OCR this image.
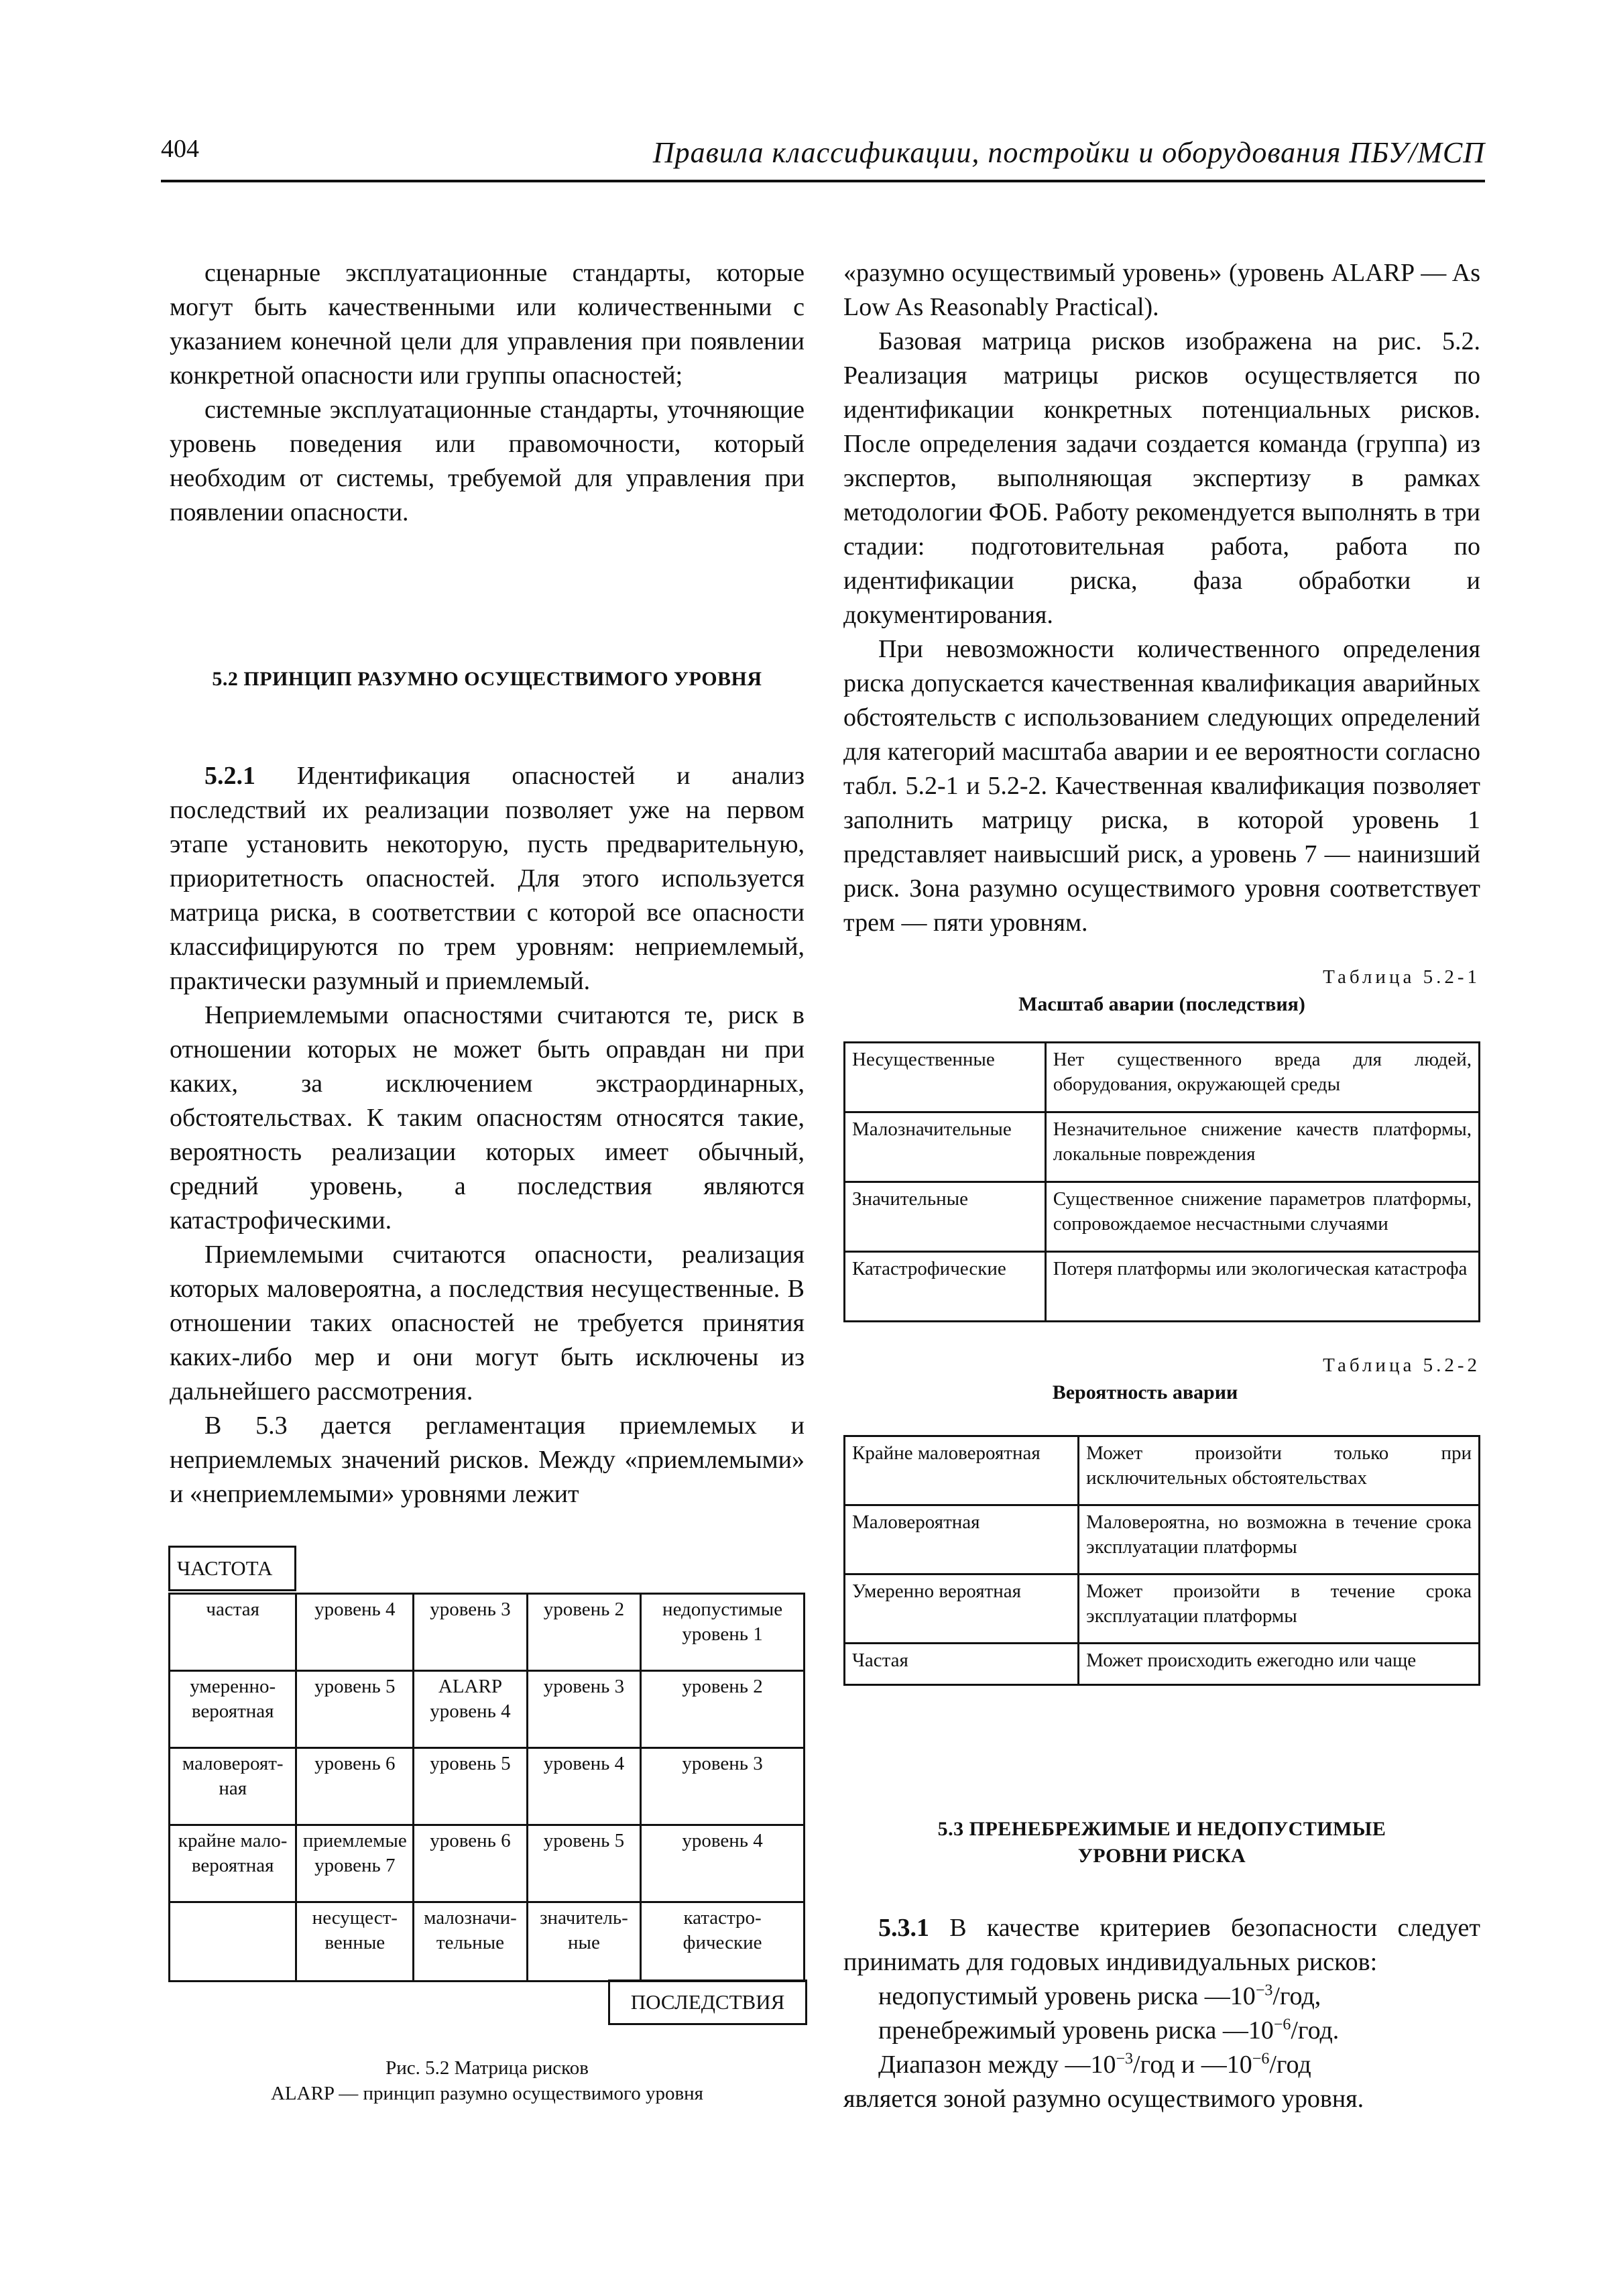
404	Правила классификации, постройки и оборудования ПБУ/МСП

сценарные эксплуатационные стандарты, которые могут быть качественными или количественными с указанием конечной цели для управления при появлении конкретной опасности или группы опасностей;

системные эксплуатационные стандарты, уточняющие уровень поведения или правомочности, который необходим от системы, требуемой для управления при появлении опасности.

5.2 ПРИНЦИП РАЗУМНО ОСУЩЕСТВИМОГО УРОВНЯ

5.2.1 Идентификация опасностей и анализ последствий их реализации позволяет уже на первом этапе установить некоторую, пусть предварительную, приоритетность опасностей. Для этого используется матрица риска, в соответствии с которой все опасности классифицируются по трем уровням: неприемлемый, практически разумный и приемлемый.

Неприемлемыми опасностями считаются те, риск в отношении которых не может быть оправдан ни при каких, за исключением экстраординарных, обстоятельствах. К таким опасностям относятся такие, вероятность реализации которых имеет обычный, средний уровень, а последствия являются катастрофическими.

Приемлемыми считаются опасности, реализация которых маловероятна, а последствия несущественные. В отношении таких опасностей не требуется принятия каких-либо мер и они могут быть исключены из дальнейшего рассмотрения.

В 5.3 дается регламентация приемлемых и неприемлемых значений рисков. Между «приемлемыми» и «неприемлемыми» уровнями лежит

ЧАСТОТА
частая	уровень 4	уровень 3	уровень 2	недопустимые уровень 1
умеренно-вероятная	уровень 5	ALARP уровень 4	уровень 3	уровень 2
маловероят-ная	уровень 6	уровень 5	уровень 4	уровень 3
крайне мало-вероятная	приемлемые уровень 7	уровень 6	уровень 5	уровень 4
	несущест-венные	малозначи-тельные	значитель-ные	катастро-фические
ПОСЛЕДСТВИЯ
Рис. 5.2 Матрица рисков
ALARP — принцип разумно осуществимого уровня

«разумно осуществимый уровень» (уровень ALARP — As Low As Reasonably Practical).

Базовая матрица рисков изображена на рис. 5.2. Реализация матрицы рисков осуществляется по идентификации конкретных потенциальных рисков. После определения задачи создается команда (группа) из экспертов, выполняющая экспертизу в рамках методологии ФОБ. Работу рекомендуется выполнять в три стадии: подготовительная работа, работа по идентификации риска, фаза обработки и документирования.

При невозможности количественного определения риска допускается качественная квалификация аварийных обстоятельств с использованием следующих определений для категорий масштаба аварии и ее вероятности согласно табл. 5.2-1 и 5.2-2. Качественная квалификация позволяет заполнить матрицу риска, в которой уровень 1 представляет наивысший риск, а уровень 7 — наинизший риск. Зона разумно осуществимого уровня соответствует трем — пяти уровням.

Таблица 5.2-1
Масштаб аварии (последствия)
Несущественные	Нет существенного вреда для людей, оборудования, окружающей среды
Малозначительные	Незначительное снижение качеств платформы, локальные повреждения
Значительные	Существенное снижение параметров платформы, сопровождаемое несчастными случаями
Катастрофические	Потеря платформы или экологическая катастрофа
Таблица 5.2-2
Вероятность аварии
Крайне маловероятная	Может произойти только при исключительных обстоятельствах
Маловероятная	Маловероятна, но возможна в течение срока эксплуатации платформы
Умеренно вероятная	Может произойти в течение срока эксплуатации платформы
Частая	Может происходить ежегодно или чаще
5.3 ПРЕНЕБРЕЖИМЫЕ И НЕДОПУСТИМЫЕ
УРОВНИ РИСКА

5.3.1 В качестве критериев безопасности следует принимать для годовых индивидуальных рисков:

недопустимый уровень риска $—10^{-3}$/год,

пренебрежимый уровень риска $—10^{-6}$/год.

Диапазон между $—10^{-3}$/год и $—10^{-6}$/год

является зоной разумно осуществимого уровня.
